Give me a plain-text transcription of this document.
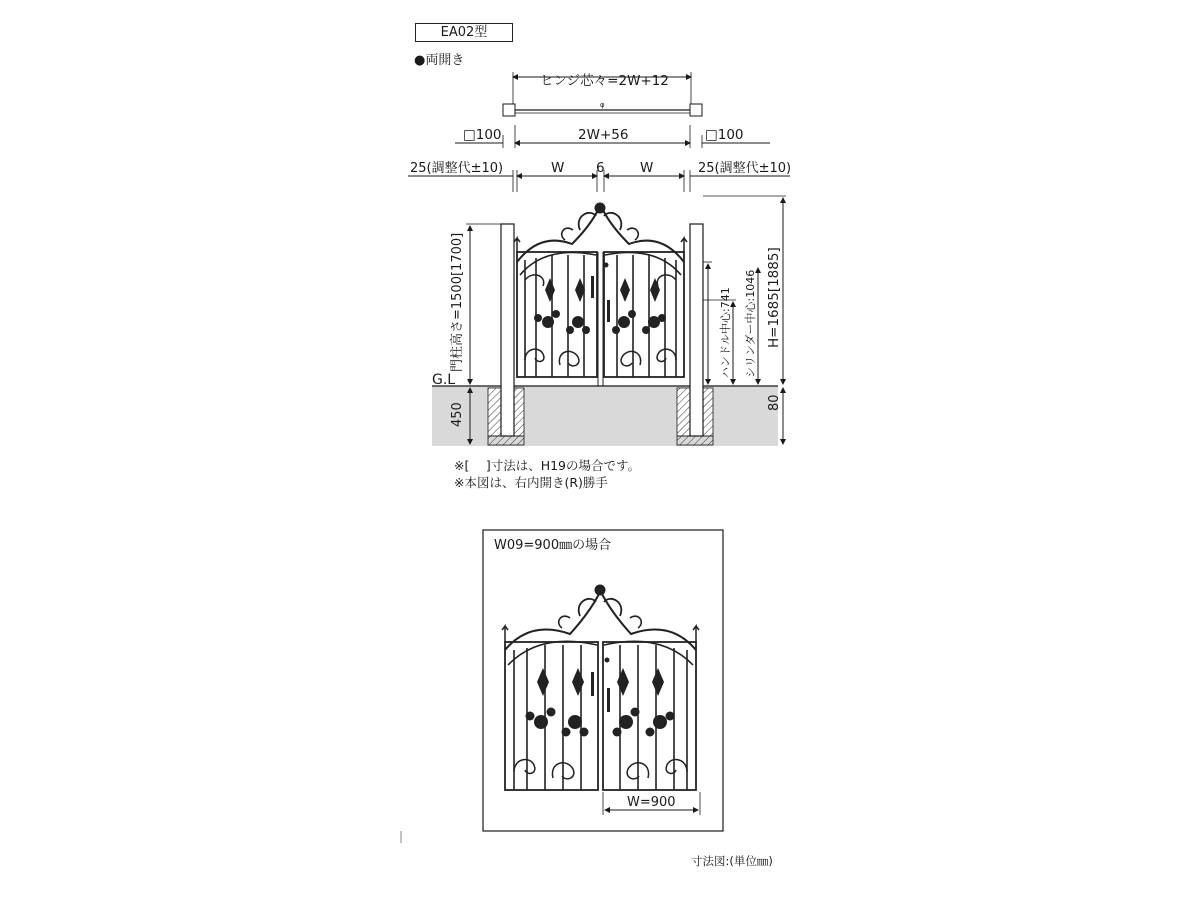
EA02型
●両開き
ヒンジ芯々=2W+12
φ
□100	2W+56	□100
25(調整代±10)	W 6	W	25(調整代±10)
門柱高さ=1500[1700]
G.L
450
ハンドル中心:741 シリンダー中心:1046 H=1685[1885]
80
W09=900㎜の場合
W=900
※[　 ]寸法は、H19の場合です。
※本図は、右内開き(R)勝手
寸法図:(単位㎜)
